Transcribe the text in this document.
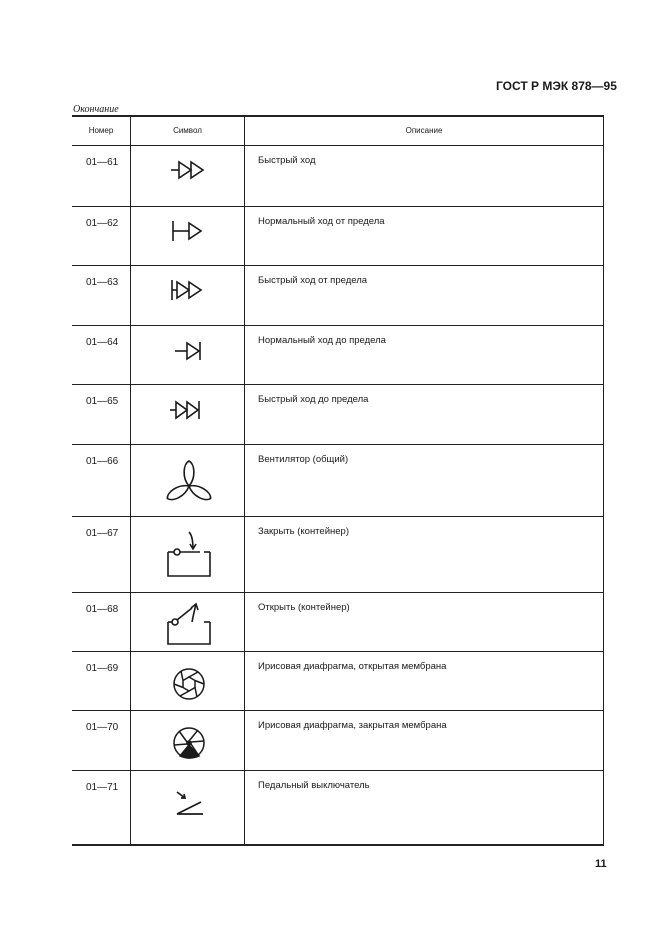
ГОСТ Р МЭК 878—95
Окончание
Номер	Символ	Описание
01—61	Быстрый ход
01—62	Нормальный ход от предела
01—63	Быстрый ход от предела
01—64	Нормальный ход до предела
01—65	Быстрый ход до предела
01—66	Вентилятор (общий)
01—67	Закрыть (контейнер)
01—68	Открыть (контейнер)
01—69	Ирисовая диафрагма, открытая мембрана
01—70	Ирисовая диафрагма, закрытая мембрана
01—71	Педальный выключатель
11
